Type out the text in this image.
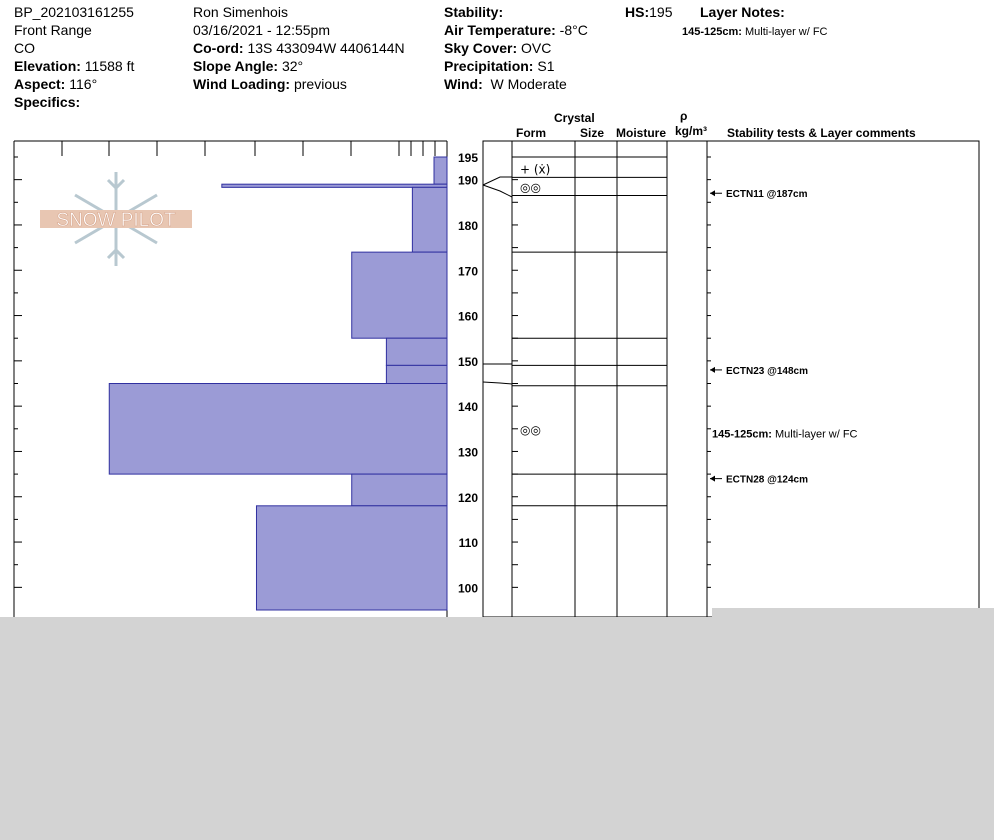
BP_202103161255
Front Range
CO
Elevation: 11588 ft
Aspect: 116°
Specifics:
Ron Simenhois
03/16/2021 - 12:55pm
Co-ord: 13S 433094W 4406144N
Slope Angle: 32°
Wind Loading: previous
Stability:
Air Temperature: -8°C
Sky Cover: OVC
Precipitation: S1
Wind: W Moderate
HS:195 Layer Notes:
145-125cm: Multi-layer w/ FC
Crystal
Form	Size Moisture
ρ
kg/m³ Stability tests & Layer comments
SNOW PILOT
100
110
120
130
140
150
160
170
180
190
195
+ (ẋ)
◎◎
◎◎
ECTN11 @187cm
ECTN23 @148cm
ECTN28 @124cm
145-125cm: Multi-layer w/ FC
